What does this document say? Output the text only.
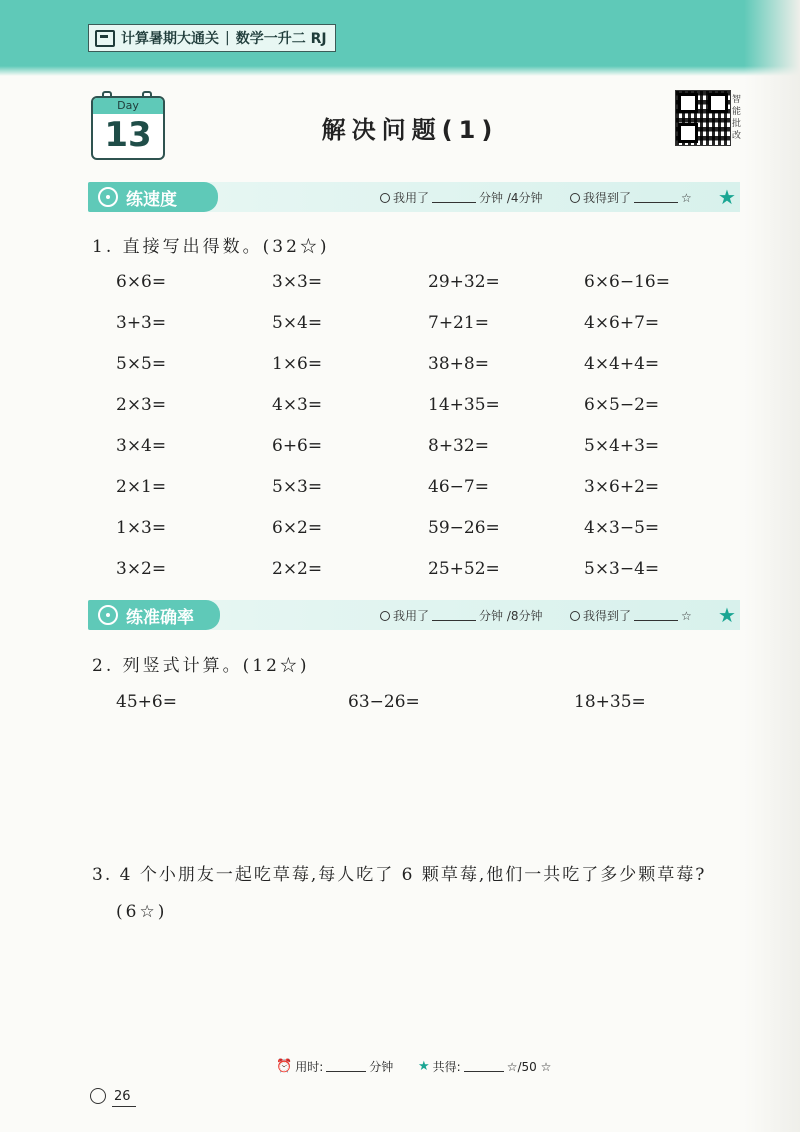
计算暑期大通关 | 数学一升二 RJ
Day
13	解决问题(1)
智能批改
练速度	我用了	分钟 /4分钟	我得到了	☆ ★
1. 直接写出得数。(32☆)
6×6=	3×3=	29+32=	6×6−16=
3+3=	5×4=	7+21=	4×6+7=
5×5=	1×6=	38+8=	4×4+4=
2×3=	4×3=	14+35=	6×5−2=
3×4=	6+6=	8+32=	5×4+3=
2×1=	5×3=	46−7=	3×6+2=
1×3=	6×2=	59−26=	4×3−5=
3×2=	2×2=	25+52=	5×3−4=
练准确率	我用了	分钟 /8分钟	我得到了	☆ ★
2. 列竖式计算。(12☆)
45+6=	63−26=	18+35=
3. 4 个小朋友一起吃草莓,每人吃了 6 颗草莓,他们一共吃了多少颗草莓?
(6☆)
⏰ 用时:	分钟 ★ 共得:	☆/50 ☆
26
